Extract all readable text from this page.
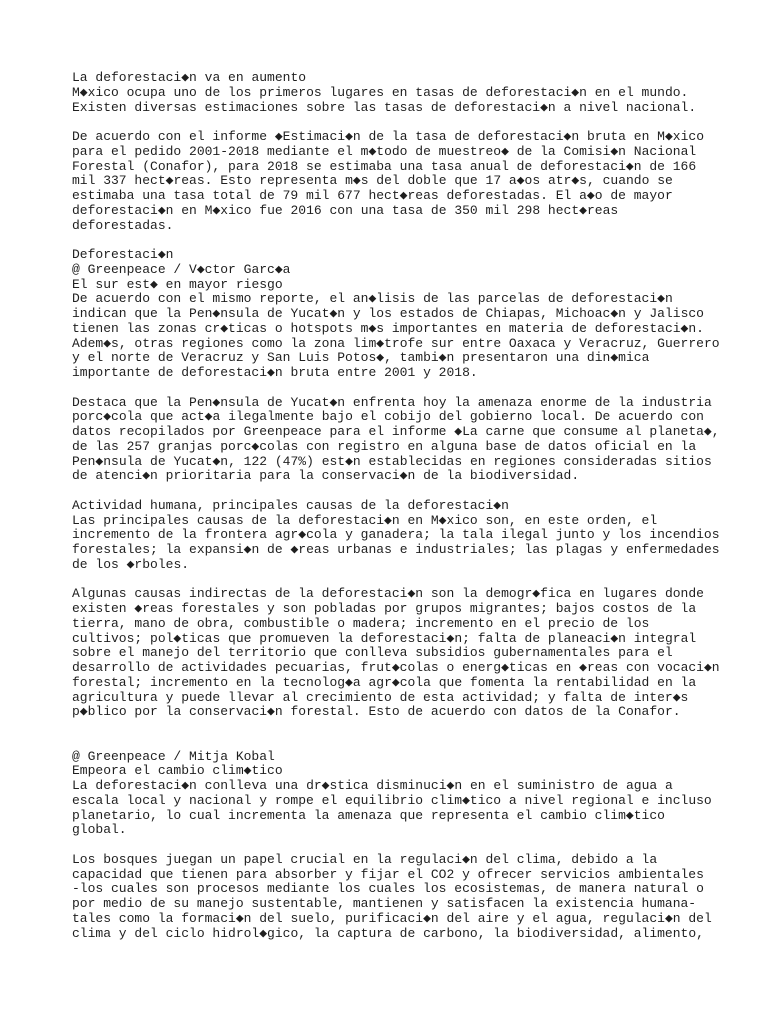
La deforestaci◆n va en aumento
M◆xico ocupa uno de los primeros lugares en tasas de deforestaci◆n en el mundo.
Existen diversas estimaciones sobre las tasas de deforestaci◆n a nivel nacional.
De acuerdo con el informe ◆Estimaci◆n de la tasa de deforestaci◆n bruta en M◆xico
para el pedido 2001-2018 mediante el m◆todo de muestreo◆ de la Comisi◆n Nacional
Forestal (Conafor), para 2018 se estimaba una tasa anual de deforestaci◆n de 166
mil 337 hect◆reas. Esto representa m◆s del doble que 17 a◆os atr◆s, cuando se
estimaba una tasa total de 79 mil 677 hect◆reas deforestadas. El a◆o de mayor
deforestaci◆n en M◆xico fue 2016 con una tasa de 350 mil 298 hect◆reas
deforestadas.
Deforestaci◆n
@ Greenpeace / V◆ctor Garc◆a
El sur est◆ en mayor riesgo
De acuerdo con el mismo reporte, el an◆lisis de las parcelas de deforestaci◆n
indican que la Pen◆nsula de Yucat◆n y los estados de Chiapas, Michoac◆n y Jalisco
tienen las zonas cr◆ticas o hotspots m◆s importantes en materia de deforestaci◆n.
Adem◆s, otras regiones como la zona lim◆trofe sur entre Oaxaca y Veracruz, Guerrero
y el norte de Veracruz y San Luis Potos◆, tambi◆n presentaron una din◆mica
importante de deforestaci◆n bruta entre 2001 y 2018.
Destaca que la Pen◆nsula de Yucat◆n enfrenta hoy la amenaza enorme de la industria
porc◆cola que act◆a ilegalmente bajo el cobijo del gobierno local. De acuerdo con
datos recopilados por Greenpeace para el informe ◆La carne que consume al planeta◆,
de las 257 granjas porc◆colas con registro en alguna base de datos oficial en la
Pen◆nsula de Yucat◆n, 122 (47%) est◆n establecidas en regiones consideradas sitios
de atenci◆n prioritaria para la conservaci◆n de la biodiversidad.
Actividad humana, principales causas de la deforestaci◆n
Las principales causas de la deforestaci◆n en M◆xico son, en este orden, el
incremento de la frontera agr◆cola y ganadera; la tala ilegal junto y los incendios
forestales; la expansi◆n de ◆reas urbanas e industriales; las plagas y enfermedades
de los ◆rboles.
Algunas causas indirectas de la deforestaci◆n son la demogr◆fica en lugares donde
existen ◆reas forestales y son pobladas por grupos migrantes; bajos costos de la
tierra, mano de obra, combustible o madera; incremento en el precio de los
cultivos; pol◆ticas que promueven la deforestaci◆n; falta de planeaci◆n integral
sobre el manejo del territorio que conlleva subsidios gubernamentales para el
desarrollo de actividades pecuarias, frut◆colas o energ◆ticas en ◆reas con vocaci◆n
forestal; incremento en la tecnolog◆a agr◆cola que fomenta la rentabilidad en la
agricultura y puede llevar al crecimiento de esta actividad; y falta de inter◆s
p◆blico por la conservaci◆n forestal. Esto de acuerdo con datos de la Conafor.
@ Greenpeace / Mitja Kobal
Empeora el cambio clim◆tico
La deforestaci◆n conlleva una dr◆stica disminuci◆n en el suministro de agua a
escala local y nacional y rompe el equilibrio clim◆tico a nivel regional e incluso
planetario, lo cual incrementa la amenaza que representa el cambio clim◆tico
global.
Los bosques juegan un papel crucial en la regulaci◆n del clima, debido a la
capacidad que tienen para absorber y fijar el CO2 y ofrecer servicios ambientales
-los cuales son procesos mediante los cuales los ecosistemas, de manera natural o
por medio de su manejo sustentable, mantienen y satisfacen la existencia humana-
tales como la formaci◆n del suelo, purificaci◆n del aire y el agua, regulaci◆n del
clima y del ciclo hidrol◆gico, la captura de carbono, la biodiversidad, alimento,
